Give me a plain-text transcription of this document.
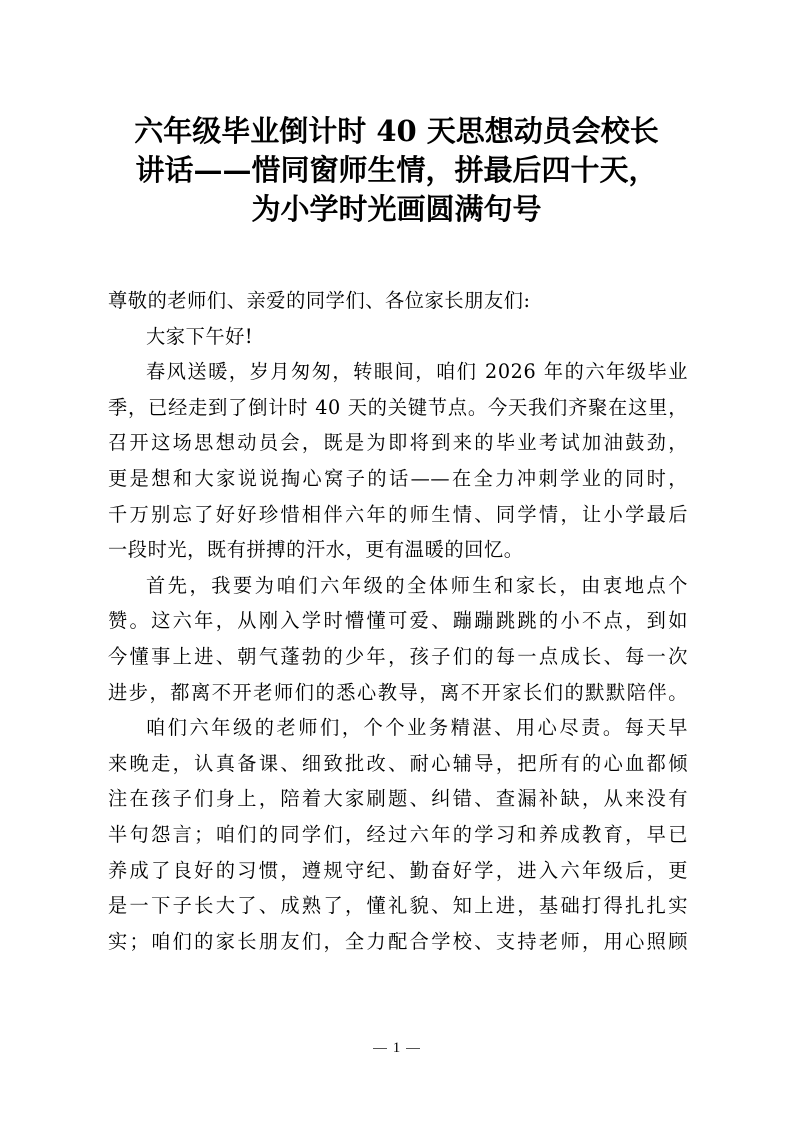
六年级毕业倒计时 40 天思想动员会校长
讲话——惜同窗师生情，拼最后四十天，
为小学时光画圆满句号
尊敬的老师们、亲爱的同学们、各位家长朋友们:
大家下午好!
春风送暖，岁月匆匆，转眼间，咱们 2026 年的六年级毕业
季，已经走到了倒计时 40 天的关键节点。今天我们齐聚在这里，
召开这场思想动员会，既是为即将到来的毕业考试加油鼓劲，
更是想和大家说说掏心窝子的话——在全力冲刺学业的同时，
千万别忘了好好珍惜相伴六年的师生情、同学情，让小学最后
一段时光，既有拼搏的汗水，更有温暖的回忆。
首先，我要为咱们六年级的全体师生和家长，由衷地点个
赞。这六年，从刚入学时懵懂可爱、蹦蹦跳跳的小不点，到如
今懂事上进、朝气蓬勃的少年，孩子们的每一点成长、每一次
进步，都离不开老师们的悉心教导，离不开家长们的默默陪伴。
咱们六年级的老师们，个个业务精湛、用心尽责。每天早
来晚走，认真备课、细致批改、耐心辅导，把所有的心血都倾
注在孩子们身上，陪着大家刷题、纠错、查漏补缺，从来没有
半句怨言；咱们的同学们，经过六年的学习和养成教育，早已
养成了良好的习惯，遵规守纪、勤奋好学，进入六年级后，更
是一下子长大了、成熟了，懂礼貌、知上进，基础打得扎扎实
实；咱们的家长朋友们，全力配合学校、支持老师，用心照顾
1
